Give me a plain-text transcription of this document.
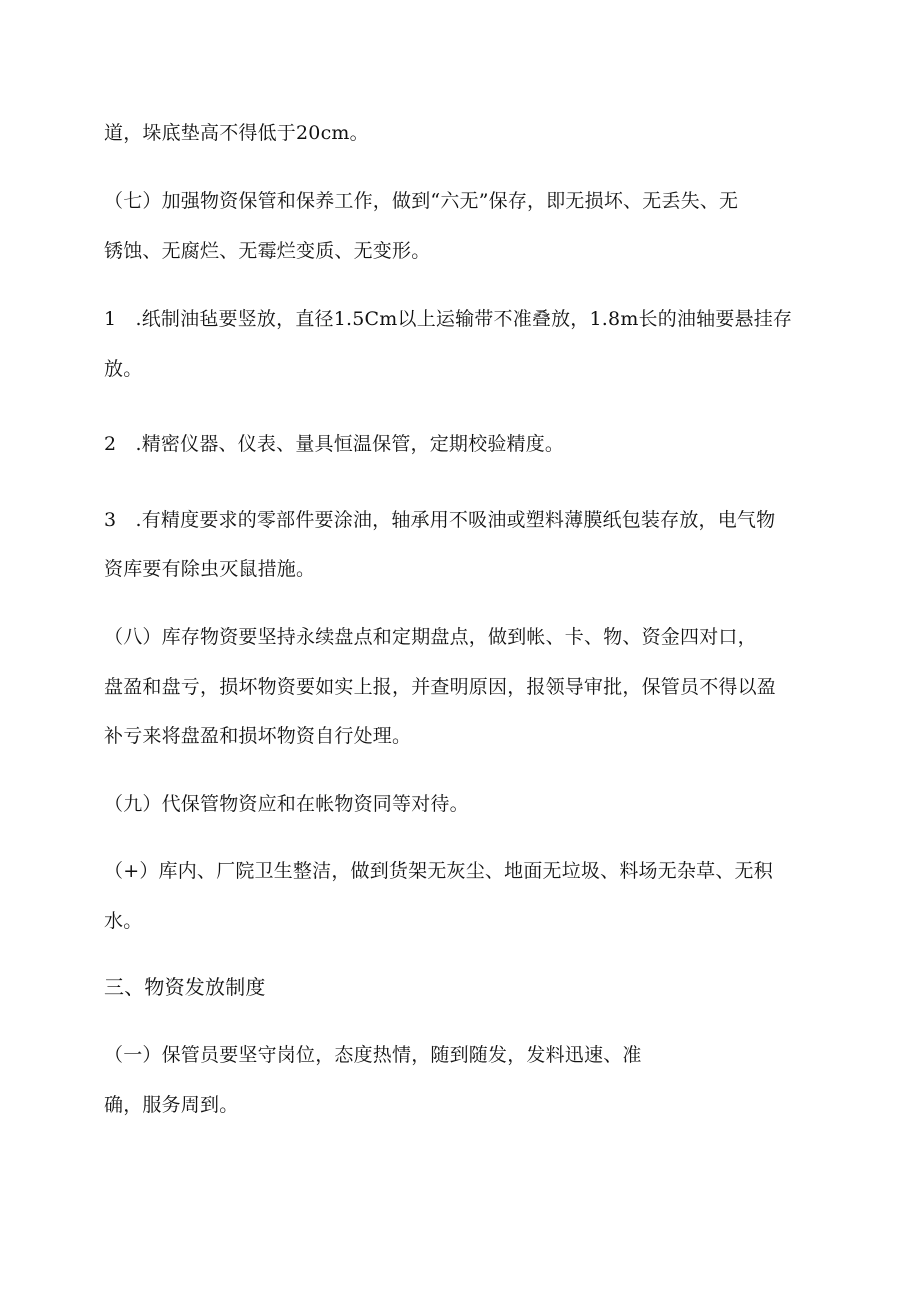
道，垛底垫高不得低于20cm。
（七）加强物资保管和保养工作，做到“六无”保存，即无损坏、无丢失、无
锈蚀、无腐烂、无霉烂变质、无变形。
1　.纸制油毡要竖放，直径1.5Cm以上运输带不准叠放，1.8m长的油轴要悬挂存
放。
2　.精密仪器、仪表、量具恒温保管，定期校验精度。
3　.有精度要求的零部件要涂油，轴承用不吸油或塑料薄膜纸包装存放，电气物
资库要有除虫灭鼠措施。
（八）库存物资要坚持永续盘点和定期盘点，做到帐、卡、物、资金四对口，
盘盈和盘亏，损坏物资要如实上报，并查明原因，报领导审批，保管员不得以盈
补亏来将盘盈和损坏物资自行处理。
（九）代保管物资应和在帐物资同等对待。
（+）库内、厂院卫生整洁，做到货架无灰尘、地面无垃圾、料场无杂草、无积
水。
三、物资发放制度
（一）保管员要坚守岗位，态度热情，随到随发，发料迅速、准
确，服务周到。
